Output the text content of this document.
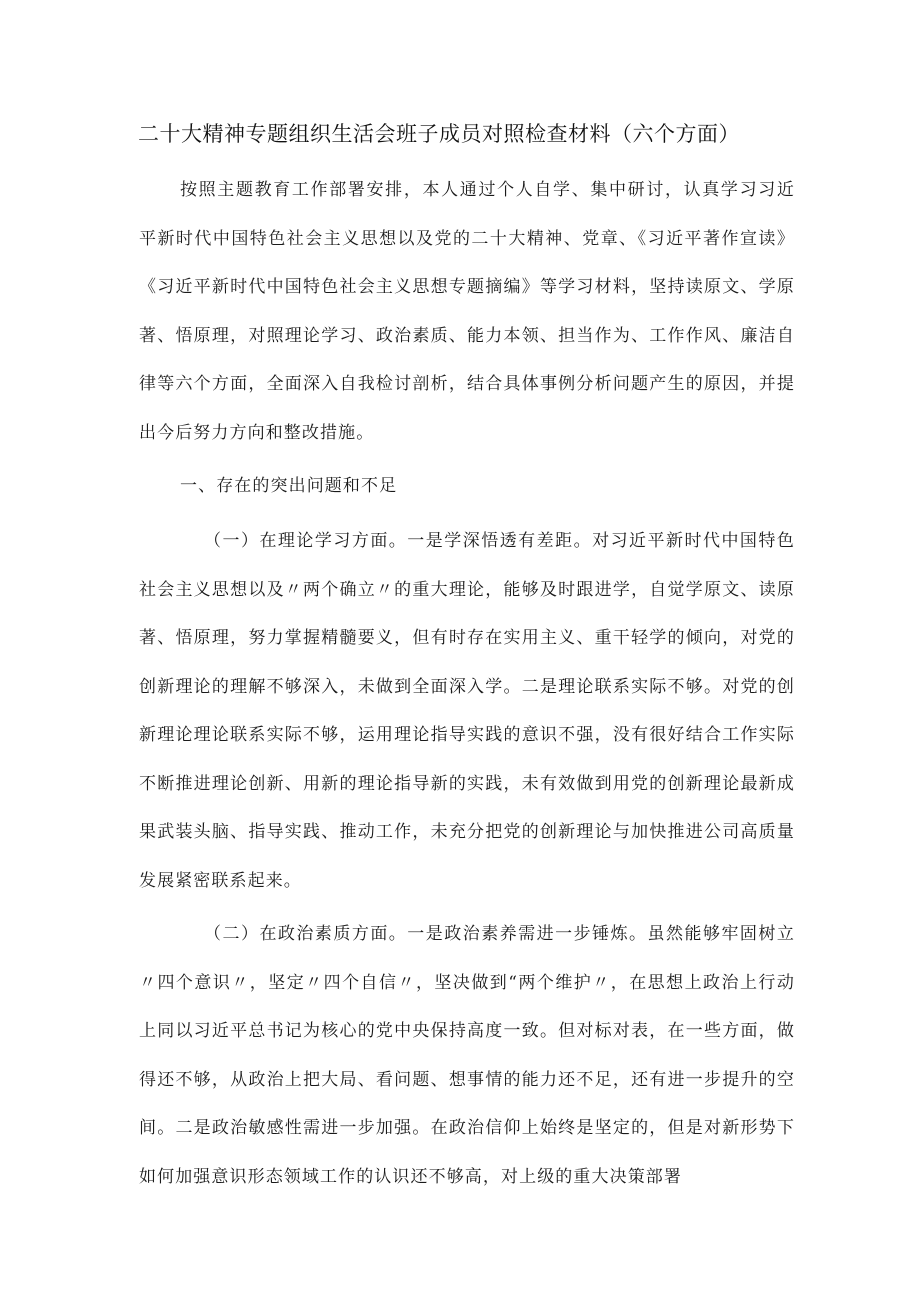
二十大精神专题组织生活会班子成员对照检查材料（六个方面）

按照主题教育工作部署安排，本人通过个人自学、集中研讨，认真学习习近平新时代中国特色社会主义思想以及党的二十大精神、党章、《习近平著作宣读》《习近平新时代中国特色社会主义思想专题摘编》等学习材料，坚持读原文、学原著、悟原理，对照理论学习、政治素质、能力本领、担当作为、工作作风、廉洁自律等六个方面，全面深入自我检讨剖析，结合具体事例分析问题产生的原因，并提出今后努力方向和整改措施。

一、存在的突出问题和不足

（一）在理论学习方面。一是学深悟透有差距。对习近平新时代中国特色社会主义思想以及〃两个确立〃的重大理论，能够及时跟进学，自觉学原文、读原著、悟原理，努力掌握精髓要义，但有时存在实用主义、重干轻学的倾向，对党的创新理论的理解不够深入，未做到全面深入学。二是理论联系实际不够。对党的创新理论理论联系实际不够，运用理论指导实践的意识不强，没有很好结合工作实际不断推进理论创新、用新的理论指导新的实践，未有效做到用党的创新理论最新成果武装头脑、指导实践、推动工作，未充分把党的创新理论与加快推进公司高质量发展紧密联系起来。

（二）在政治素质方面。一是政治素养需进一步锤炼。虽然能够牢固树立〃四个意识〃，坚定〃四个自信〃，坚决做到“两个维护〃，在思想上政治上行动上同以习近平总书记为核心的党中央保持高度一致。但对标对表，在一些方面，做得还不够，从政治上把大局、看问题、想事情的能力还不足，还有进一步提升的空间。二是政治敏感性需进一步加强。在政治信仰上始终是坚定的，但是对新形势下如何加强意识形态领域工作的认识还不够高，对上级的重大决策部署
